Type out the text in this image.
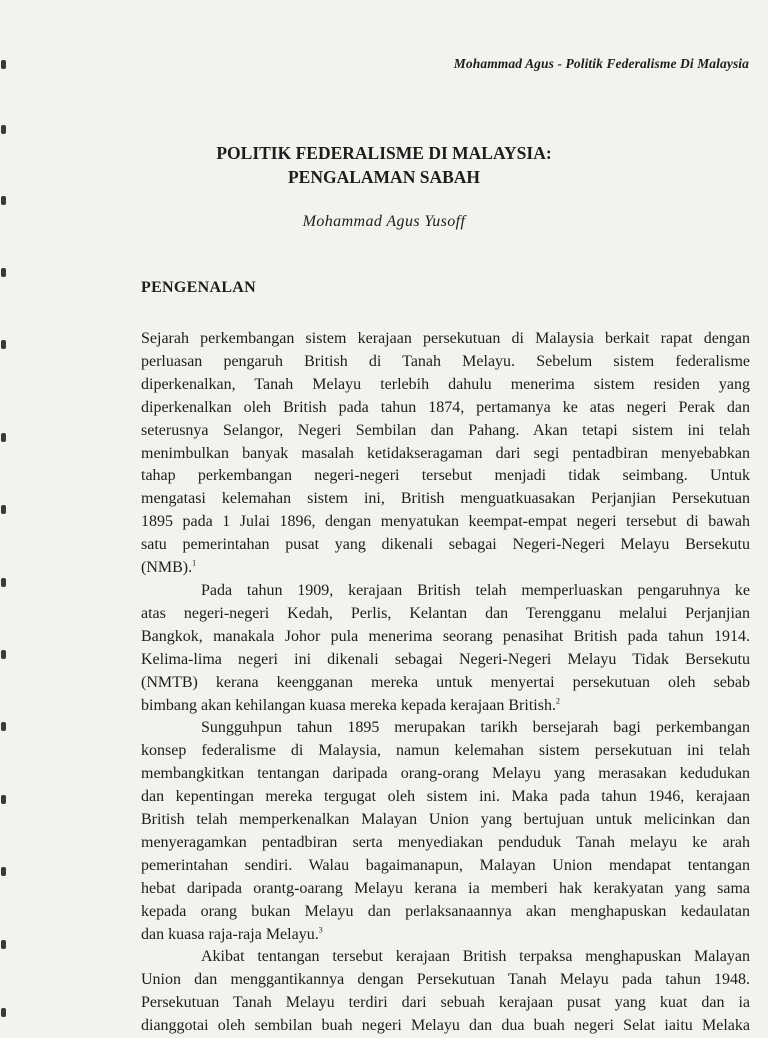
Mohammad Agus - Politik Federalisme Di Malaysia
POLITIK FEDERALISME DI MALAYSIA:
PENGALAMAN SABAH
Mohammad Agus Yusoff
PENGENALAN

Sejarah perkembangan sistem kerajaan persekutuan di Malaysia berkait rapat dengan
perluasan pengaruh British di Tanah Melayu. Sebelum sistem federalisme
diperkenalkan, Tanah Melayu terlebih dahulu menerima sistem residen yang
diperkenalkan oleh British pada tahun 1874, pertamanya ke atas negeri Perak dan
seterusnya Selangor, Negeri Sembilan dan Pahang. Akan tetapi sistem ini telah
menimbulkan banyak masalah ketidakseragaman dari segi pentadbiran menyebabkan
tahap perkembangan negeri-negeri tersebut menjadi tidak seimbang. Untuk
mengatasi kelemahan sistem ini, British menguatkuasakan Perjanjian Persekutuan
1895 pada 1 Julai 1896, dengan menyatukan keempat-empat negeri tersebut di bawah
satu pemerintahan pusat yang dikenali sebagai Negeri-Negeri Melayu Bersekutu
(NMB).$^1$

Pada tahun 1909, kerajaan British telah memperluaskan pengaruhnya ke
atas negeri-negeri Kedah, Perlis, Kelantan dan Terengganu melalui Perjanjian
Bangkok, manakala Johor pula menerima seorang penasihat British pada tahun 1914.
Kelima-lima negeri ini dikenali sebagai Negeri-Negeri Melayu Tidak Bersekutu
(NMTB) kerana keengganan mereka untuk menyertai persekutuan oleh sebab
bimbang akan kehilangan kuasa mereka kepada kerajaan British.$^2$

Sungguhpun tahun 1895 merupakan tarikh bersejarah bagi perkembangan
konsep federalisme di Malaysia, namun kelemahan sistem persekutuan ini telah
membangkitkan tentangan daripada orang-orang Melayu yang merasakan kedudukan
dan kepentingan mereka tergugat oleh sistem ini. Maka pada tahun 1946, kerajaan
British telah memperkenalkan Malayan Union yang bertujuan untuk melicinkan dan
menyeragamkan pentadbiran serta menyediakan penduduk Tanah melayu ke arah
pemerintahan sendiri. Walau bagaimanapun, Malayan Union mendapat tentangan
hebat daripada orantg-oarang Melayu kerana ia memberi hak kerakyatan yang sama
kepada orang bukan Melayu dan perlaksanaannya akan menghapuskan kedaulatan
dan kuasa raja-raja Melayu.$^3$

Akibat tentangan tersebut kerajaan British terpaksa menghapuskan Malayan
Union dan menggantikannya dengan Persekutuan Tanah Melayu pada tahun 1948.
Persekutuan Tanah Melayu terdiri dari sebuah kerajaan pusat yang kuat dan ia
dianggotai oleh sembilan buah negeri Melayu dan dua buah negeri Selat iaitu Melaka
